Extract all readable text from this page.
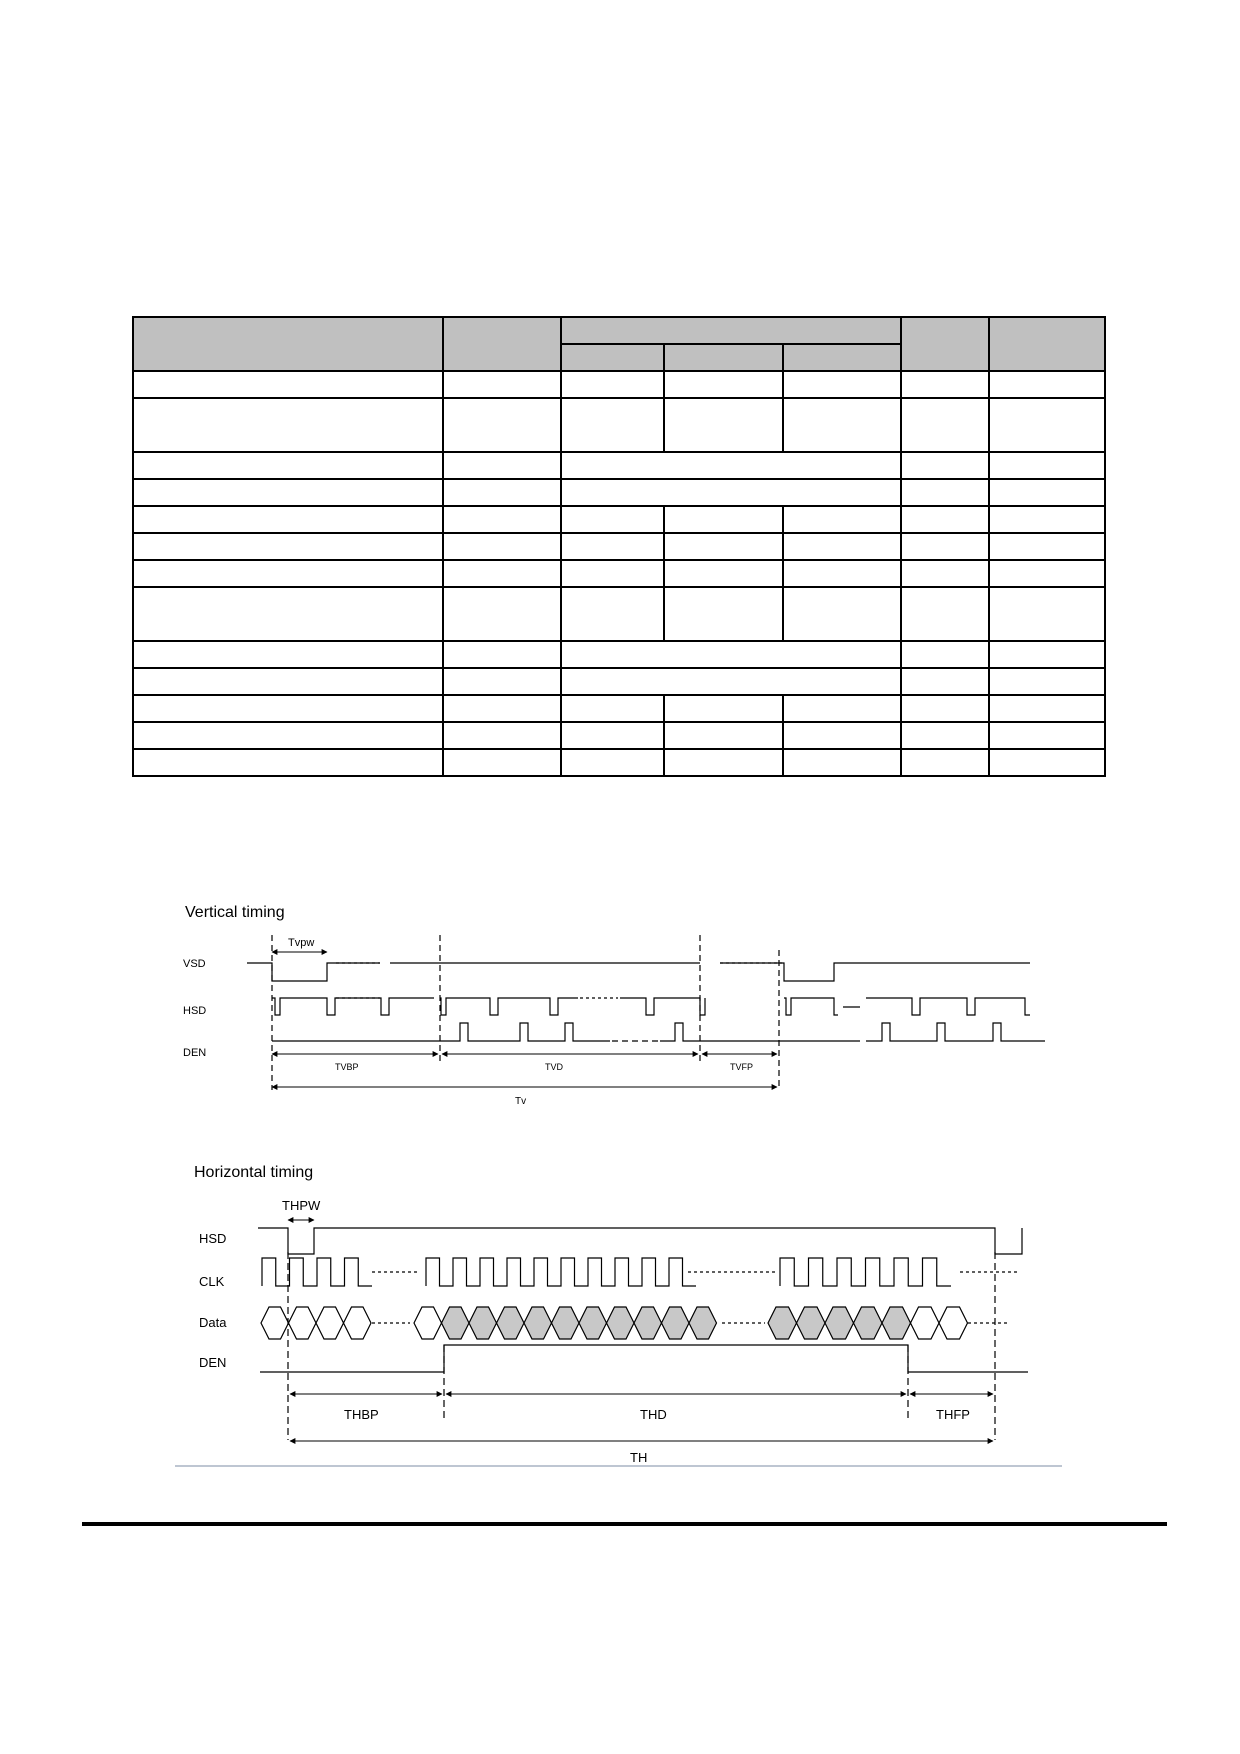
Vertical timing
VSD
HSD
DEN
Tvpw
TVBP	TVD	TVFP
Tv
Horizontal timing
HSD
CLK
Data
DEN
THPW
THBP	THD	THFP
TH
